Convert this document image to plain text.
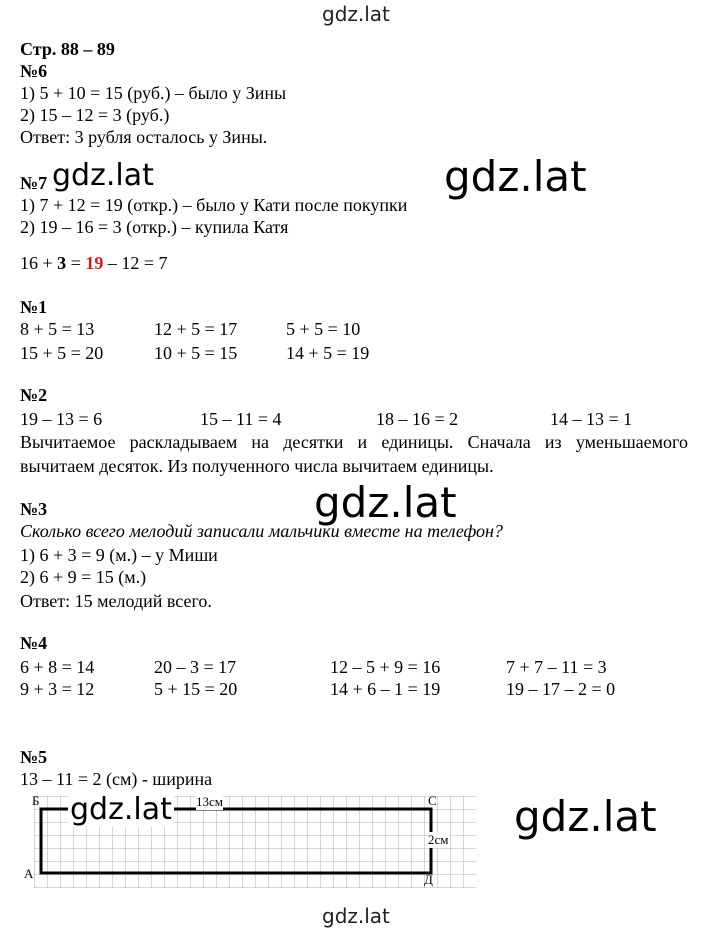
gdz.lat
gdz.lat
Стр. 88 – 89
№6
1) 5 + 10 = 15 (руб.) – было у Зины
2) 15 – 12 = 3 (руб.)
Ответ: 3 рубля осталось у Зины.
№7
1) 7 + 12 = 19 (откр.) – было у Кати после покупки
2) 19 – 16 = 3 (откр.) – купила Катя
16 + 3 = 19 – 12 = 7
gdz.lat	gdz.lat
№1
8 + 5 = 13	12 + 5 = 17	5 + 5 = 10
15 + 5 = 20	10 + 5 = 15	14 + 5 = 19
№2
19 – 13 = 6	15 – 11 = 4	18 – 16 = 2	14 – 13 = 1
Вычитаемое раскладываем на десятки и единицы. Сначала из уменьшаемого вычитаем десяток. Из полученного числа вычитаем единицы.
gdz.lat
№3
Сколько всего мелодий записали мальчики вместе на телефон?
1) 6 + 3 = 9 (м.) – у Миши
2) 6 + 9 = 15 (м.)
Ответ: 15 мелодий всего.
№4
6 + 8 = 14	20 – 3 = 17	12 – 5 + 9 = 16	7 + 7 – 11 = 3
9 + 3 = 12	5 + 15 = 20	14 + 6 – 1 = 19	19 – 17 – 2 = 0
№5
13 – 11 = 2 (см) - ширина
Б	С
Д
А
13см
2см
gdz.lat	gdz.lat
